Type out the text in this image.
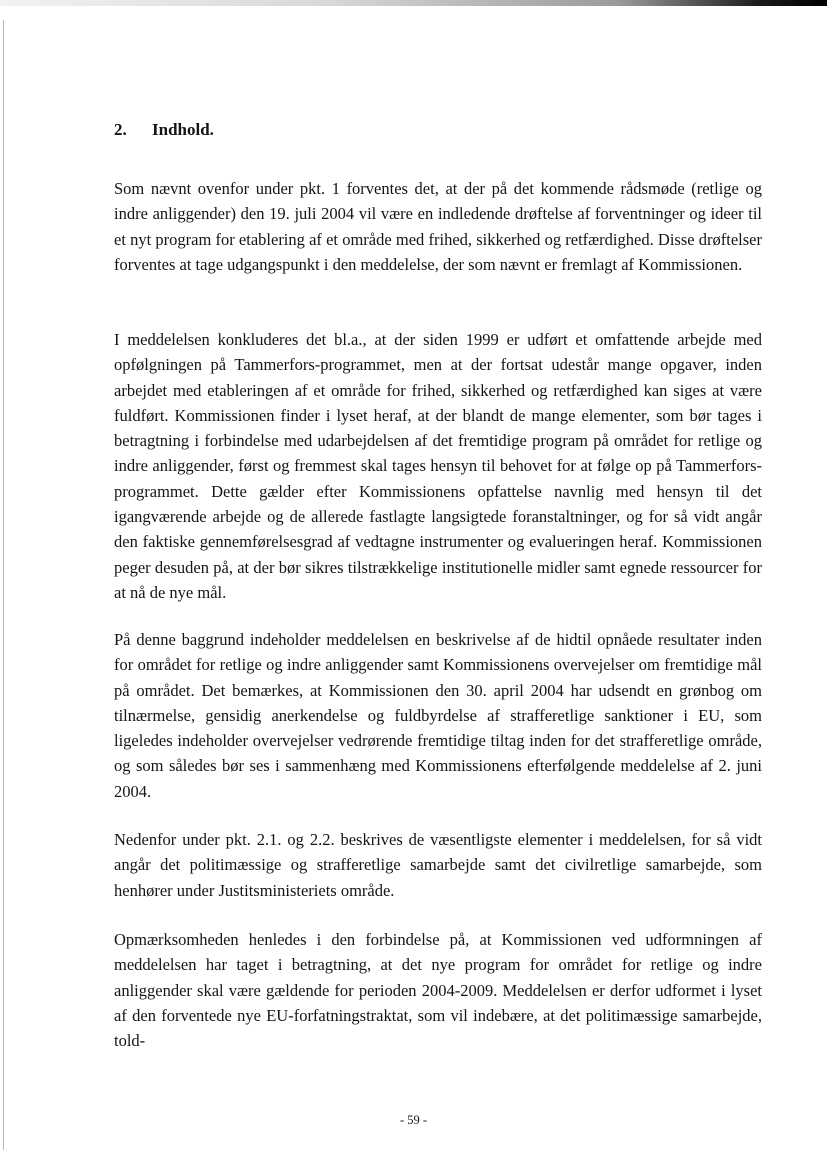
2. Indhold.

Som nævnt ovenfor under pkt. 1 forventes det, at der på det kommende rådsmøde (retlige og indre anliggender) den 19. juli 2004 vil være en indledende drøftelse af forventninger og ideer til et nyt program for etablering af et område med frihed, sikkerhed og retfærdighed. Disse drøftelser forventes at tage udgangspunkt i den meddelelse, der som nævnt er fremlagt af Kommissionen.

I meddelelsen konkluderes det bl.a., at der siden 1999 er udført et omfattende arbejde med opfølgningen på Tammerfors-programmet, men at der fortsat udestår mange opgaver, inden arbejdet med etableringen af et område for frihed, sikkerhed og retfærdighed kan siges at være fuldført. Kommissionen finder i lyset heraf, at der blandt de mange elementer, som bør tages i betragtning i forbindelse med udarbejdelsen af det fremtidige program på området for retlige og indre anliggender, først og fremmest skal tages hensyn til behovet for at følge op på Tammerfors-programmet. Dette gælder efter Kommissionens opfattelse navnlig med hensyn til det igangværende arbejde og de allerede fastlagte langsigtede foranstaltninger, og for så vidt angår den faktiske gennemførelsesgrad af vedtagne instrumenter og evalueringen heraf. Kommissionen peger desuden på, at der bør sikres tilstrækkelige institutionelle midler samt egnede ressourcer for at nå de nye mål.

På denne baggrund indeholder meddelelsen en beskrivelse af de hidtil opnåede resultater inden for området for retlige og indre anliggender samt Kommissionens overvejelser om fremtidige mål på området. Det bemærkes, at Kommissionen den 30. april 2004 har udsendt en grønbog om tilnærmelse, gensidig anerkendelse og fuldbyrdelse af strafferetlige sanktioner i EU, som ligeledes indeholder overvejelser vedrørende fremtidige tiltag inden for det strafferetlige område, og som således bør ses i sammenhæng med Kommissionens efterfølgende meddelelse af 2. juni 2004.

Nedenfor under pkt. 2.1. og 2.2. beskrives de væsentligste elementer i meddelelsen, for så vidt angår det politimæssige og strafferetlige samarbejde samt det civilretlige samarbejde, som henhører under Justitsministeriets område.

Opmærksomheden henledes i den forbindelse på, at Kommissionen ved udformningen af meddelelsen har taget i betragtning, at det nye program for området for retlige og indre anliggender skal være gældende for perioden 2004-2009. Meddelelsen er derfor udformet i lyset af den forventede nye EU-forfatningstraktat, som vil indebære, at det politimæssige samarbejde, told-

- 59 -
